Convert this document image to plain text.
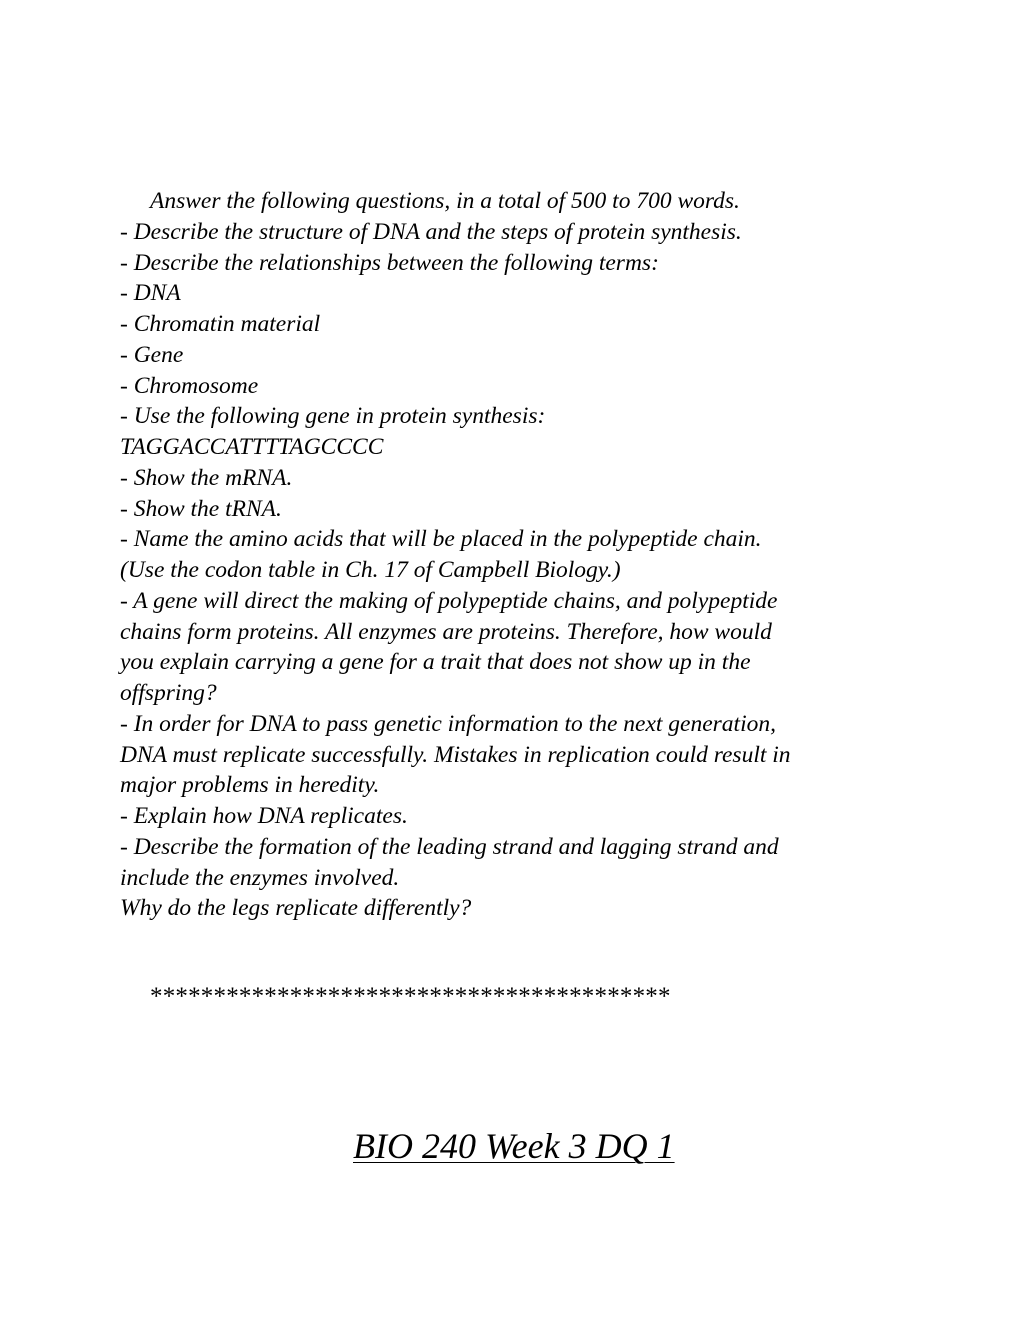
Answer the following questions, in a total of 500 to 700 words.
- Describe the structure of DNA and the steps of protein synthesis.
- Describe the relationships between the following terms:
- DNA
- Chromatin material
- Gene
- Chromosome
- Use the following gene in protein synthesis:
TAGGACCATTTTAGCCCC
- Show the mRNA.
- Show the tRNA.
- Name the amino acids that will be placed in the polypeptide chain.
(Use the codon table in Ch. 17 of Campbell Biology.)
- A gene will direct the making of polypeptide chains, and polypeptide
chains form proteins. All enzymes are proteins. Therefore, how would
you explain carrying a gene for a trait that does not show up in the
offspring?
- In order for DNA to pass genetic information to the next generation,
DNA must replicate successfully. Mistakes in replication could result in
major problems in heredity.
- Explain how DNA replicates.
- Describe the formation of the leading strand and lagging strand and
include the enzymes involved.
Why do the legs replicate differently?
*****************************************
BIO 240 Week 3 DQ 1
